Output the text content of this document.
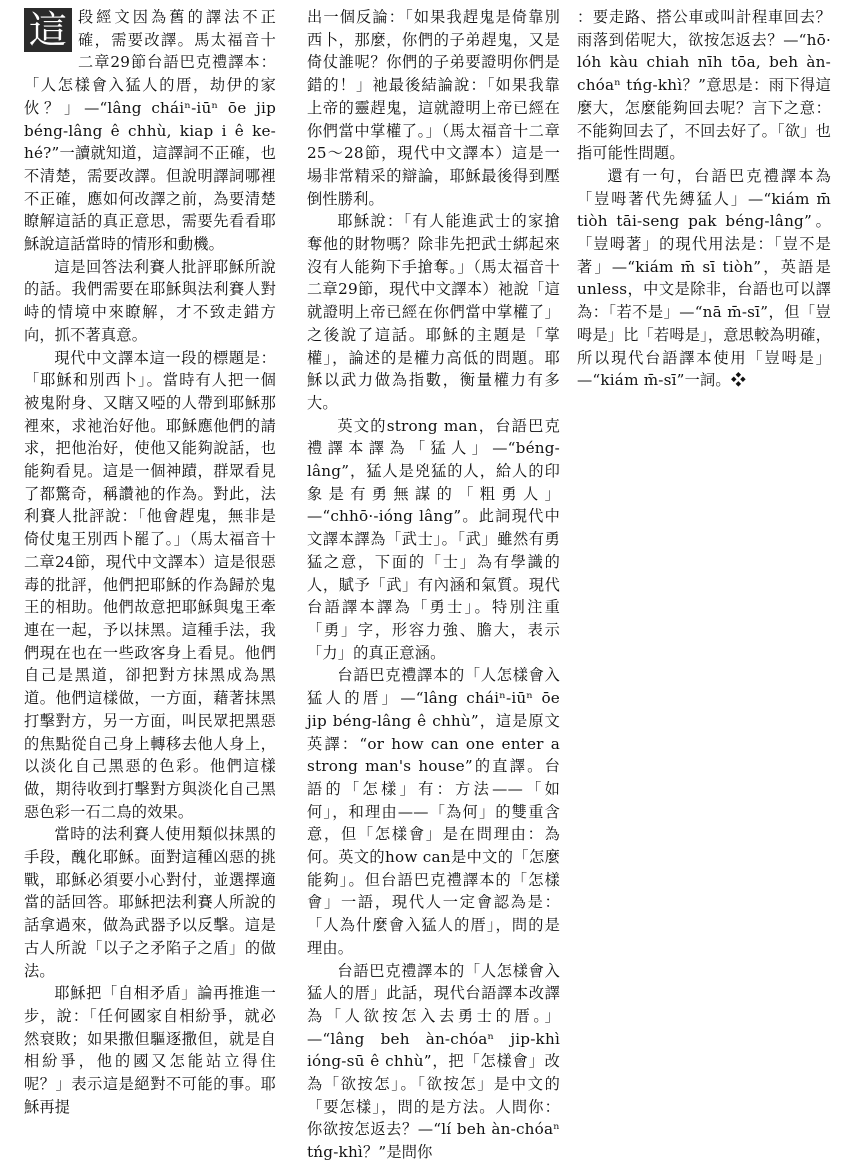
這 段經文因為舊的譯法不正確，需要改譯。馬太福音十二章29節台語巴克禮譯本：「人怎樣會入猛人的厝，劫伊的家伙？」—“lâng cháiⁿ-iūⁿ ōe jip béng-lâng ê chhù, kiap i ê ke-hé?”一讀就知道，這譯詞不正確，也不清楚，需要改譯。但說明譯詞哪裡不正確，應如何改譯之前，為要清楚瞭解這話的真正意思，需要先看看耶穌說這話當時的情形和動機。

這是回答法利賽人批評耶穌所說的話。我們需要在耶穌與法利賽人對峙的情境中來瞭解，才不致走錯方向，抓不著真意。

現代中文譯本這一段的標題是：「耶穌和別西卜」。當時有人把一個被鬼附身、又瞎又啞的人帶到耶穌那裡來，求祂治好他。耶穌應他們的請求，把他治好，使他又能夠說話，也能夠看見。這是一個神蹟，群眾看見了都驚奇，稱讚祂的作為。對此，法利賽人批評說：「他會趕鬼，無非是倚仗鬼王別西卜罷了。」（馬太福音十二章24節，現代中文譯本）這是很惡毒的批評，他們把耶穌的作為歸於鬼王的相助。他們故意把耶穌與鬼王牽連在一起，予以抹黑。這種手法，我們現在也在一些政客身上看見。他們自己是黑道，卻把對方抹黑成為黑道。他們這樣做，一方面，藉著抹黑打擊對方，另一方面，叫民眾把黑惡的焦點從自己身上轉移去他人身上，以淡化自己黑惡的色彩。他們這樣做，期待收到打擊對方與淡化自己黑惡色彩一石二鳥的效果。

當時的法利賽人使用類似抹黑的手段，醜化耶穌。面對這種凶惡的挑戰，耶穌必須要小心對付，並選擇適當的話回答。耶穌把法利賽人所說的話拿過來，做為武器予以反擊。這是古人所說「以子之矛陷子之盾」的做法。

耶穌把「自相矛盾」論再推進一步，說：「任何國家自相紛爭，就必然衰敗；如果撒但驅逐撒但，就是自相紛爭，他的國又怎能站立得住呢？」表示這是絕對不可能的事。耶穌再提

出一個反論：「如果我趕鬼是倚靠別西卜，那麼，你們的子弟趕鬼，又是倚仗誰呢？你們的子弟要證明你們是錯的！」祂最後結論說：「如果我靠上帝的靈趕鬼，這就證明上帝已經在你們當中掌權了。」（馬太福音十二章25～28節，現代中文譯本）這是一場非常精采的辯論，耶穌最後得到壓倒性勝利。

耶穌說：「有人能進武士的家搶奪他的財物嗎？除非先把武士綁起來沒有人能夠下手搶奪。」（馬太福音十二章29節，現代中文譯本）祂說「這就證明上帝已經在你們當中掌權了」之後說了這話。耶穌的主題是「掌權」，論述的是權力高低的問題。耶穌以武力做為指數，衡量權力有多大。

英文的strong man，台語巴克禮譯本譯為「猛人」—“béng-lâng”，猛人是兇猛的人，給人的印象是有勇無謀的「粗勇人」—“chhō·-ióng lâng”。此詞現代中文譯本譯為「武士」。「武」雖然有勇猛之意，下面的「士」為有學識的人，賦予「武」有內涵和氣質。現代台語譯本譯為「勇士」。特別注重「勇」字，形容力強、膽大，表示「力」的真正意涵。

台語巴克禮譯本的「人怎樣會入猛人的厝」—“lâng cháiⁿ-iūⁿ ōe jip béng-lâng ê chhù”，這是原文英譯：“or how can one enter a strong man's house”的直譯。台語的「怎樣」有：方法——「如何」，和理由——「為何」的雙重含意，但「怎樣會」是在問理由：為何。英文的how can是中文的「怎麼能夠」。但台語巴克禮譯本的「怎樣會」一語，現代人一定會認為是：「人為什麼會入猛人的厝」，問的是理由。

台語巴克禮譯本的「人怎樣會入猛人的厝」此話，現代台語譯本改譯為「人欲按怎入去勇士的厝。」—“lâng beh àn-chóaⁿ jip-khì ióng-sū ê chhù”，把「怎樣會」改為「欲按怎」。「欲按怎」是中文的「要怎樣」，問的是方法。人問你：你欲按怎返去？—“lí beh àn-chóaⁿ tńg-khì？”是問你

：要走路、搭公車或叫計程車回去？雨落到偌呢大，欲按怎返去？—“hō· lóh kàu chiah nīh tōa, beh àn-chóaⁿ tńg-khì？”意思是：雨下得這麼大，怎麼能夠回去呢？言下之意：不能夠回去了，不回去好了。「欲」也指可能性問題。

還有一句，台語巴克禮譯本為「豈呣著代先縛猛人」—“kiám m̄ tiòh tāi-seng pak béng-lâng”。「豈呣著」的現代用法是：「豈不是著」—“kiám m̄ sī tiòh”，英語是unless，中文是除非，台語也可以譯為：「若不是」—“nā m̄-sī”，但「豈呣是」比「若呣是」，意思較為明確，所以現代台語譯本使用「豈呣是」—“kiám m̄-sī”一詞。❖
